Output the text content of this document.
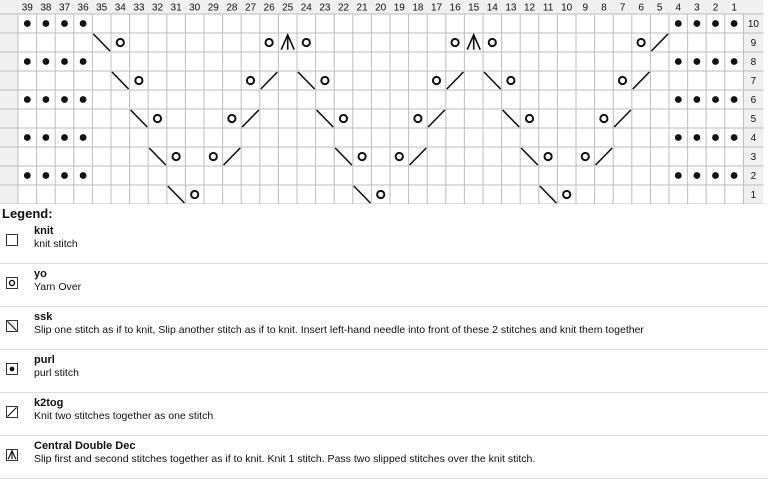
39 38 37 36 35 34 33 32 31 30 29 28 27 26 25 24 23 22 21 20 19 18 17 16 15 14 13 12 11 10 9 8 7 6 5 4 3 2 1
10
9
8
7
6
5
4
3
2
1
Legend:
knit
knit stitch
yo
Yarn Over
ssk
Slip one stitch as if to knit, Slip another stitch as if to knit. Insert left-hand needle into front of these 2 stitches and knit them together
purl
purl stitch
k2tog
Knit two stitches together as one stitch
Central Double Dec
Slip first and second stitches together as if to knit. Knit 1 stitch. Pass two slipped stitches over the knit stitch.
